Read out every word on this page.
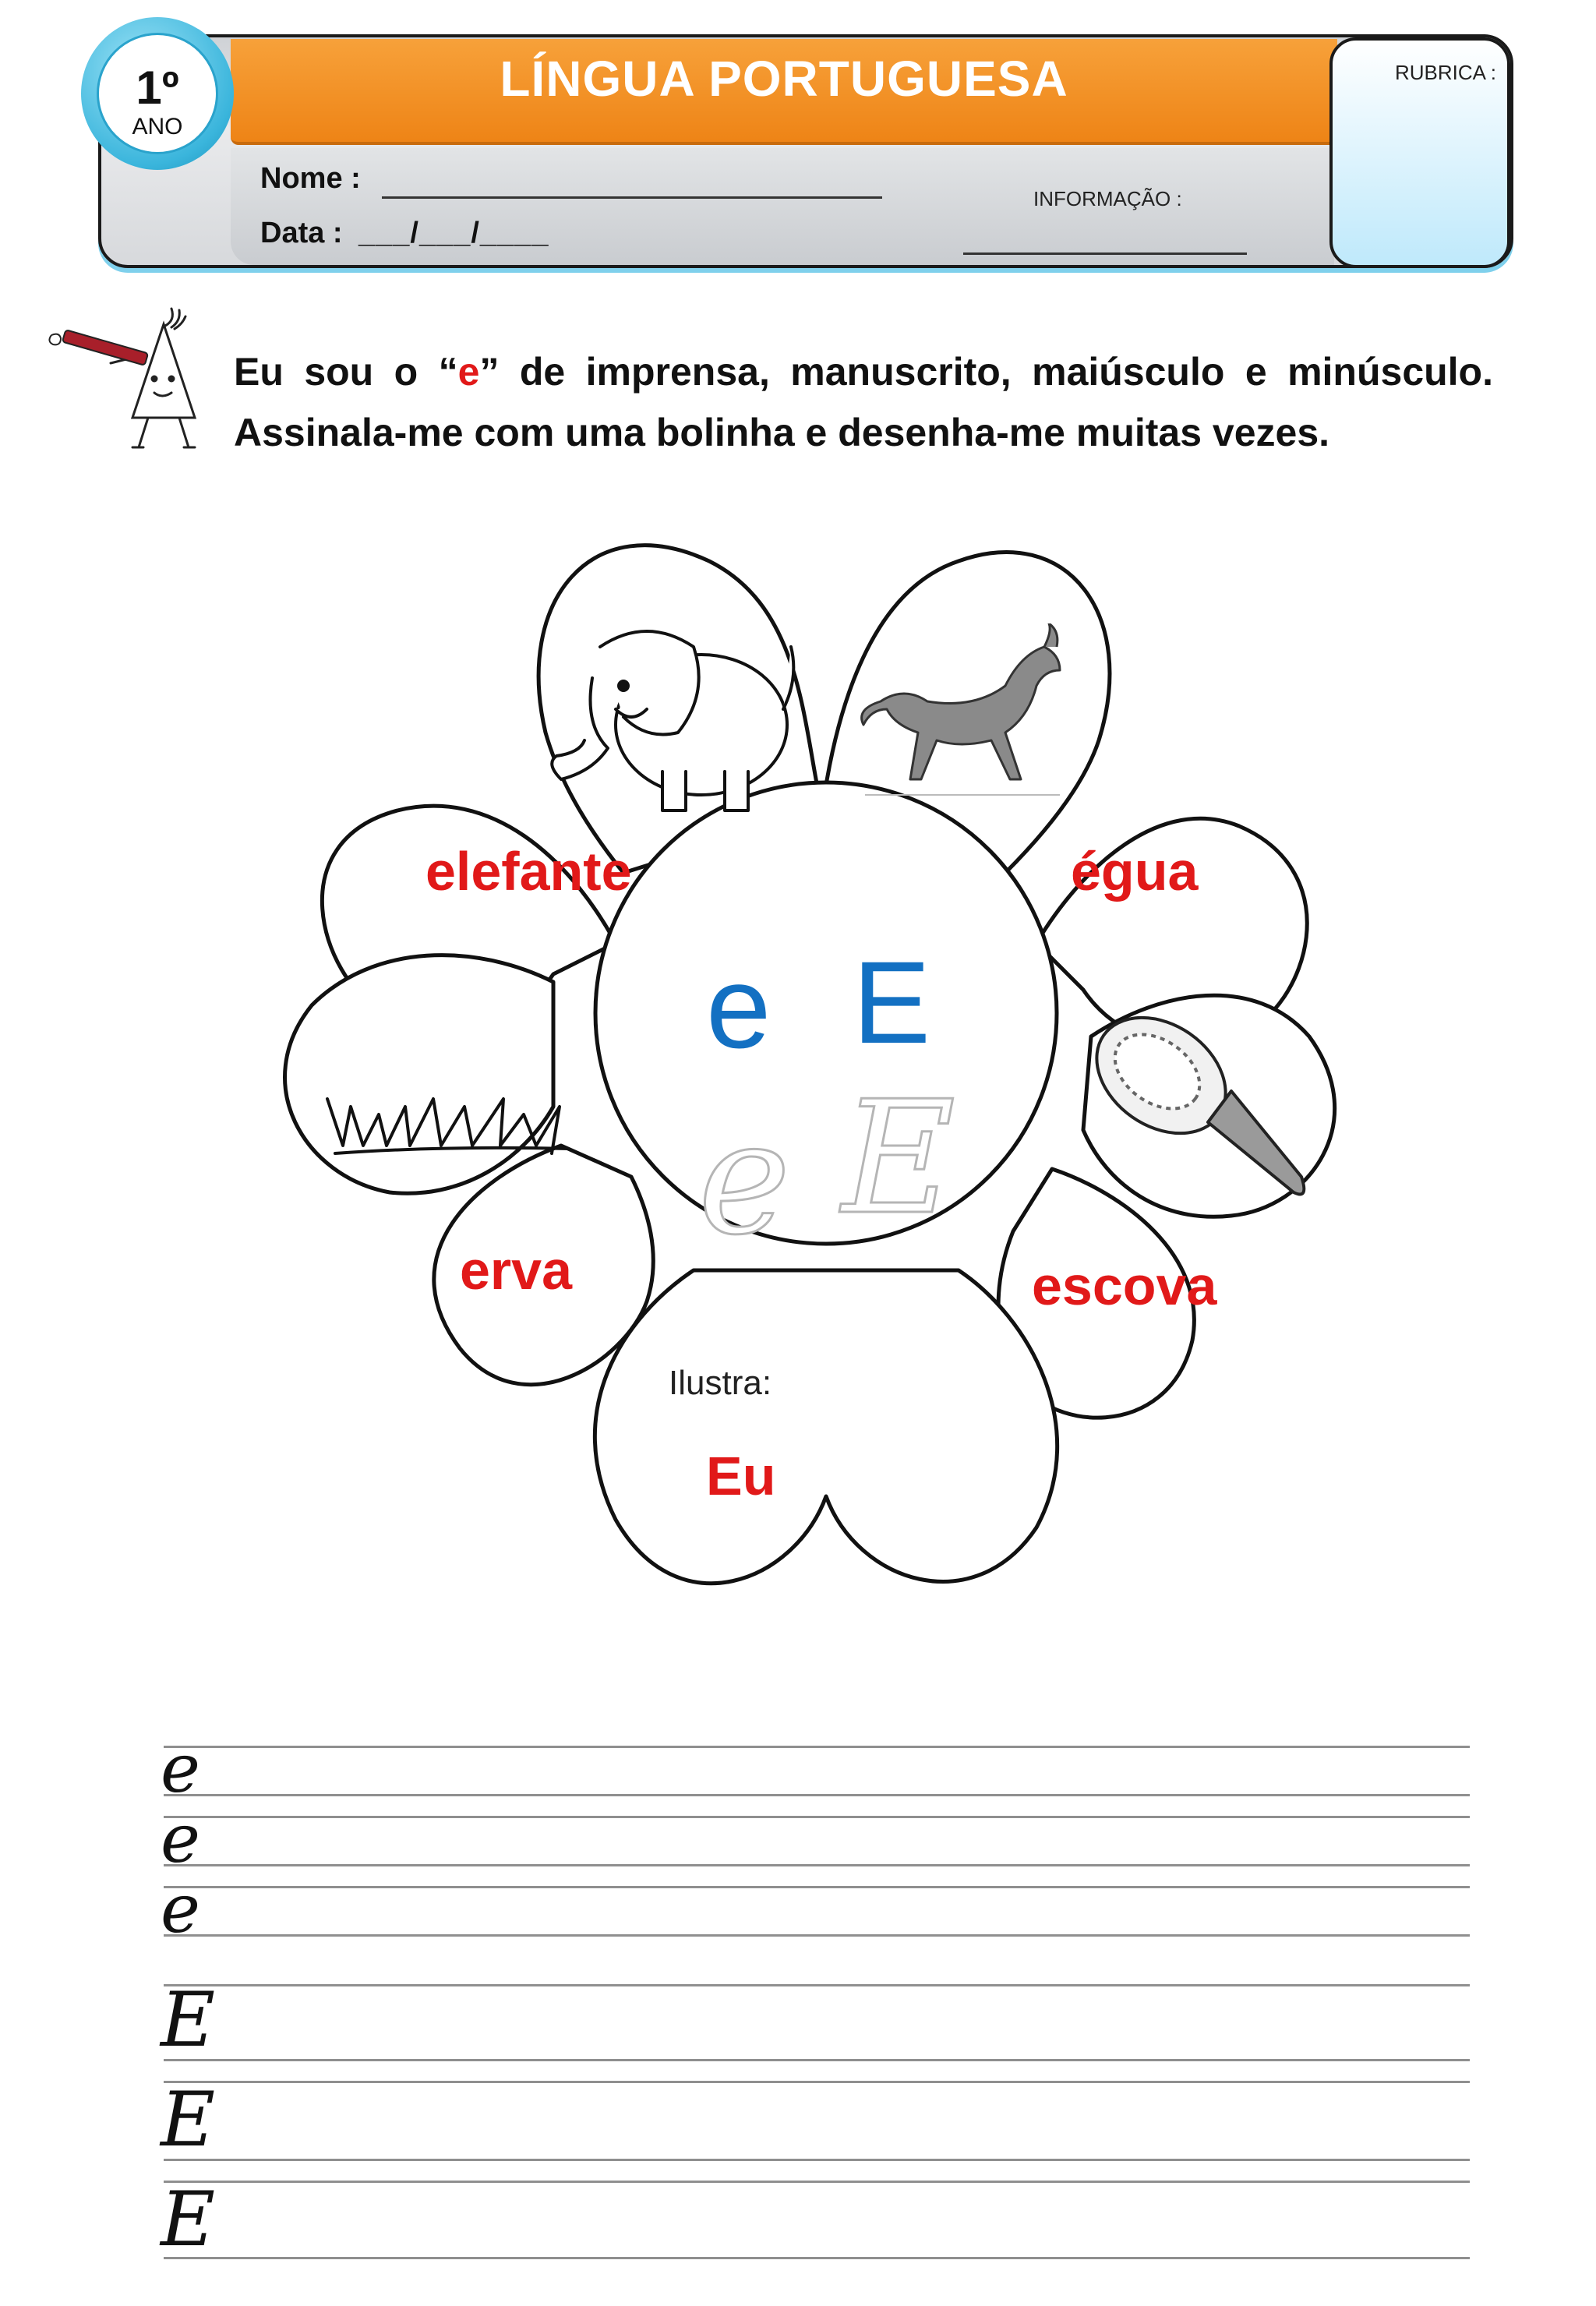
LÍNGUA PORTUGUESA	RUBRICA :
1º
ANO
Nome :
Data : ___/___/____
INFORMAÇÃO :
Eu sou o “e” de imprensa, manuscrito, maiúsculo e minúsculo.
Assinala-me com uma bolinha e desenha-me muitas vezes.
elefante	égua
erva	escova
e E
e E
Ilustra:
Eu
e
e
e
E
E
E
